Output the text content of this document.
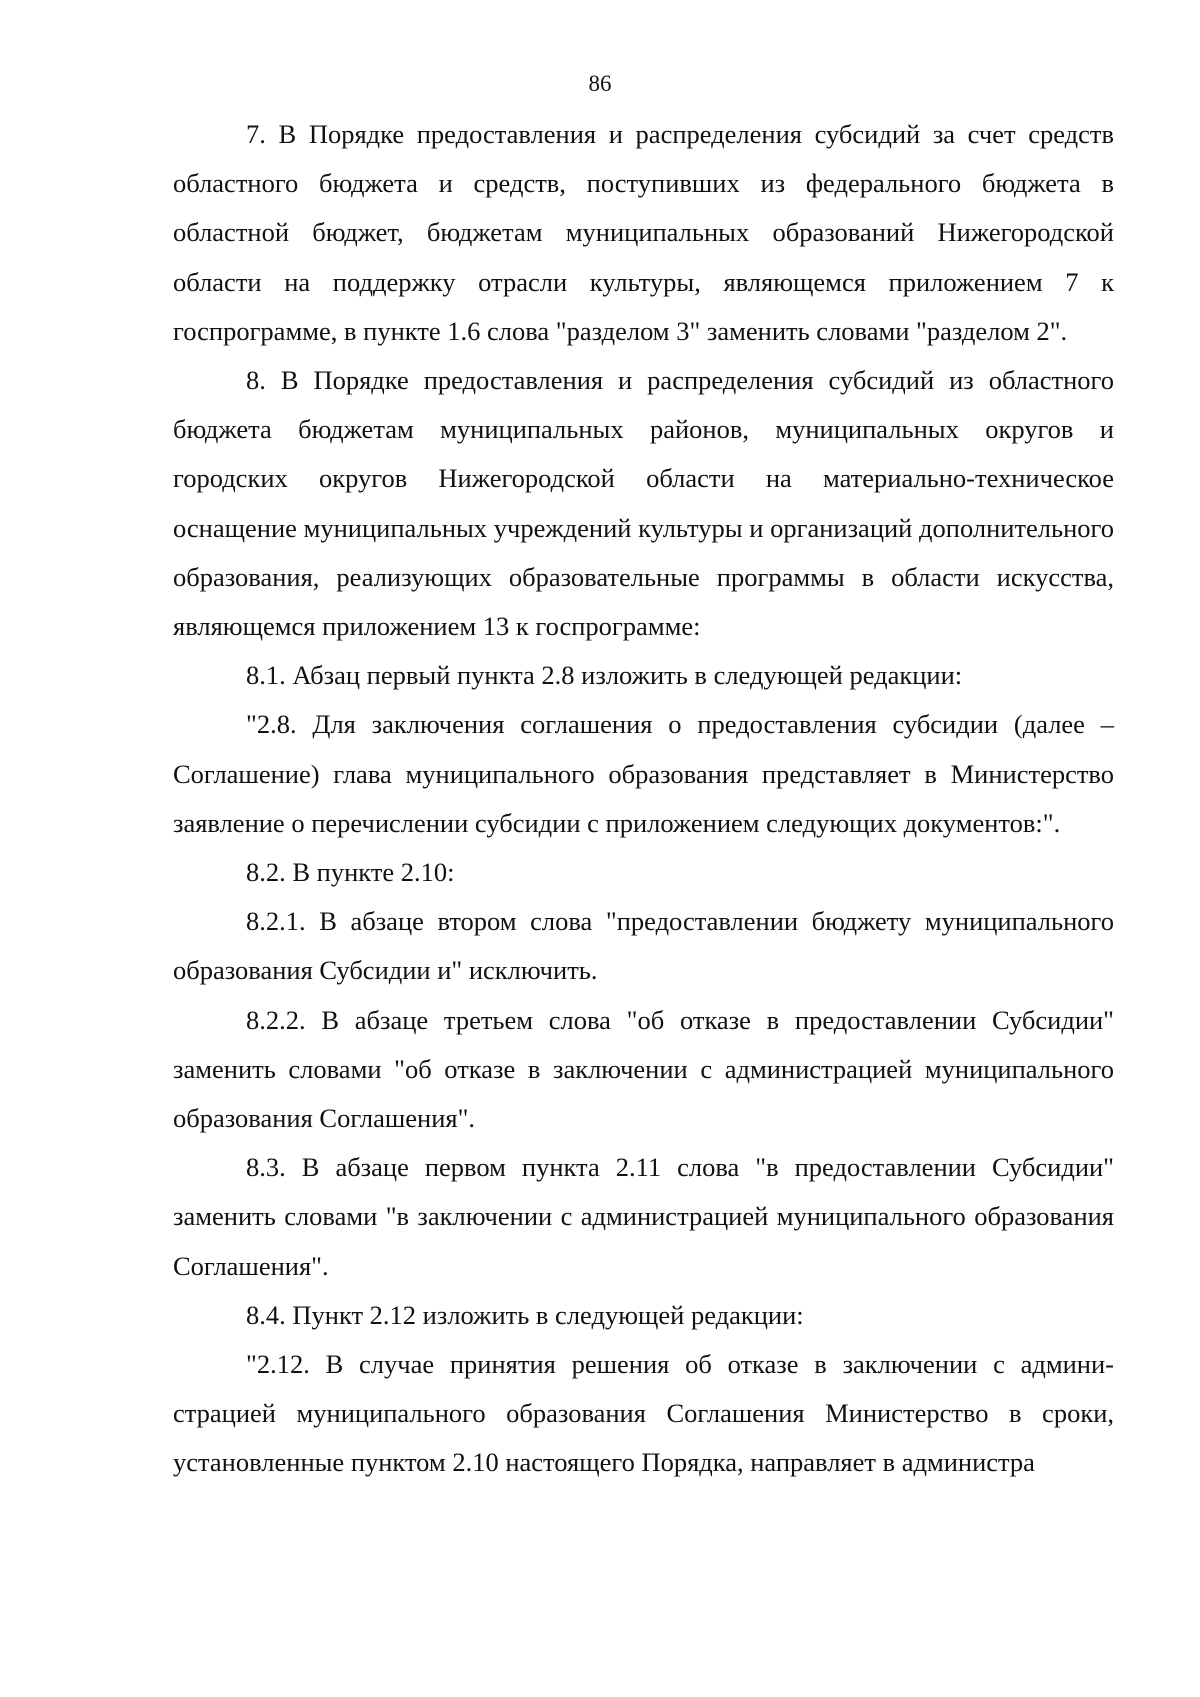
86

7. В Порядке предоставления и распределения субсидий за счет средств областного бюджета и средств, поступивших из федерального бюджета в областной бюджет, бюджетам муниципальных образований Нижегородской области на поддержку отрасли культуры, являющемся приложением 7 к госпрограмме, в пункте 1.6 слова "разделом 3" заменить словами "разделом 2".

8. В Порядке предоставления и распределения субсидий из областного бюджета бюджетам муниципальных районов, муниципальных округов и городских округов Нижегородской области на материально-техническое оснащение муниципальных учреждений культуры и организаций дополнительного образования, реализующих образовательные программы в области искусства, являющемся приложением 13 к госпрограмме:

8.1. Абзац первый пункта 2.8 изложить в следующей редакции:

"2.8. Для заключения соглашения о предоставления субсидии (далее – Соглашение) глава муниципального образования представляет в Министерство заявление о перечислении субсидии с приложением следующих документов:".

8.2. В пункте 2.10:

8.2.1. В абзаце втором слова "предоставлении бюджету муниципального образования Субсидии и" исключить.

8.2.2. В абзаце третьем слова "об отказе в предоставлении Субсидии" заменить словами "об отказе в заключении с администрацией муниципального образования Соглашения".

8.3. В абзаце первом пункта 2.11 слова "в предоставлении Субсидии" заменить словами "в заключении с администрацией муниципального образования Соглашения".

8.4. Пункт 2.12 изложить в следующей редакции:

"2.12. В случае принятия решения об отказе в заключении с администрацией муниципального образования Соглашения Министерство в сроки, установленные пунктом 2.10 настоящего Порядка, направляет в администра
